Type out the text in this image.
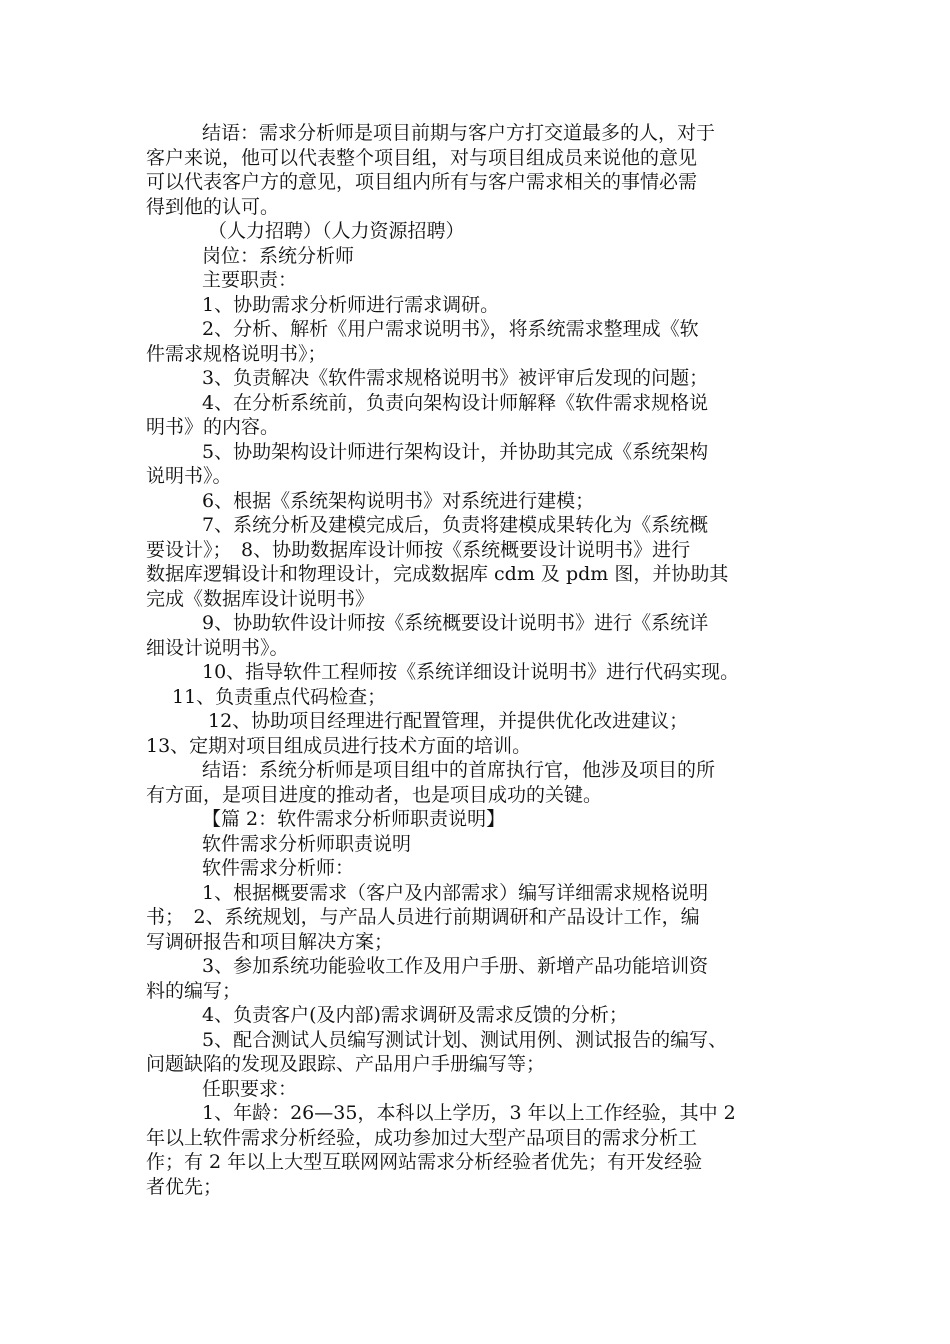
结语：需求分析师是项目前期与客户方打交道最多的人，对于
客户来说，他可以代表整个项目组，对与项目组成员来说他的意见
可以代表客户方的意见，项目组内所有与客户需求相关的事情必需
得到他的认可。
（人力招聘）（人力资源招聘）
岗位：系统分析师
主要职责：
1、协助需求分析师进行需求调研。
2、分析、解析《用户需求说明书》，将系统需求整理成《软
件需求规格说明书》；
3、负责解决《软件需求规格说明书》被评审后发现的问题；
4、在分析系统前，负责向架构设计师解释《软件需求规格说
明书》的内容。
5、协助架构设计师进行架构设计，并协助其完成《系统架构
说明书》。
6、根据《系统架构说明书》对系统进行建模；
7、系统分析及建模完成后，负责将建模成果转化为《系统概
要设计》；　8、协助数据库设计师按《系统概要设计说明书》进行
数据库逻辑设计和物理设计，完成数据库 cdm 及 pdm 图，并协助其
完成《数据库设计说明书》
9、协助软件设计师按《系统概要设计说明书》进行《系统详
细设计说明书》。
10、指导软件工程师按《系统详细设计说明书》进行代码实现。
11、负责重点代码检查；
12、协助项目经理进行配置管理，并提供优化改进建议；
13、定期对项目组成员进行技术方面的培训。
结语：系统分析师是项目组中的首席执行官，他涉及项目的所
有方面，是项目进度的推动者，也是项目成功的关键。
【篇 2：软件需求分析师职责说明】
软件需求分析师职责说明
软件需求分析师：
1、根据概要需求（客户及内部需求）编写详细需求规格说明
书；　2、系统规划，与产品人员进行前期调研和产品设计工作，编
写调研报告和项目解决方案；
3、参加系统功能验收工作及用户手册、新增产品功能培训资
料的编写；
4、负责客户(及内部)需求调研及需求反馈的分析；
5、配合测试人员编写测试计划、测试用例、测试报告的编写、
问题缺陷的发现及跟踪、产品用户手册编写等；
任职要求：
1、年龄：26—35，本科以上学历，3 年以上工作经验，其中 2
年以上软件需求分析经验，成功参加过大型产品项目的需求分析工
作；有 2 年以上大型互联网网站需求分析经验者优先；有开发经验
者优先；
